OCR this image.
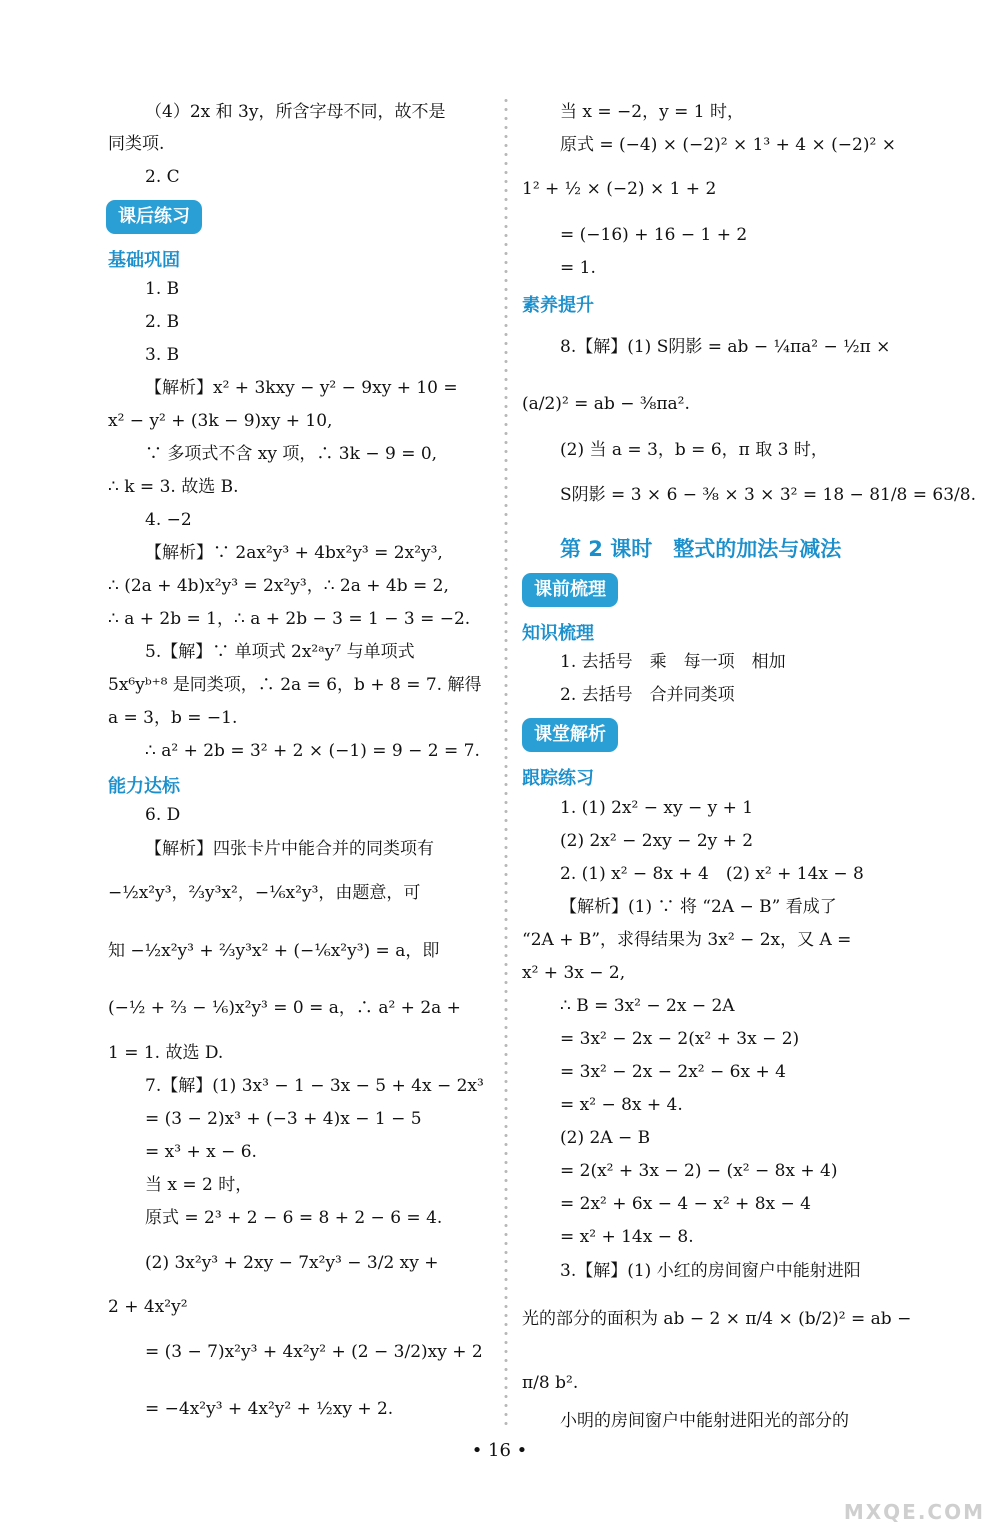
（4）2x 和 3y，所含字母不同，故不是
同类项.
2. C
课后练习
基础巩固
1. B
2. B
3. B
【解析】x² + 3kxy − y² − 9xy + 10 =
x² − y² + (3k − 9)xy + 10,
∵ 多项式不含 xy 项，∴ 3k − 9 = 0,
∴ k = 3. 故选 B.
4. −2
【解析】∵ 2ax²y³ + 4bx²y³ = 2x²y³,
∴ (2a + 4b)x²y³ = 2x²y³，∴ 2a + 4b = 2,
∴ a + 2b = 1，∴ a + 2b − 3 = 1 − 3 = −2.
5.【解】∵ 单项式 2x²ᵃy⁷ 与单项式
5x⁶yᵇ⁺⁸ 是同类项，∴ 2a = 6，b + 8 = 7. 解得
a = 3，b = −1.
∴ a² + 2b = 3² + 2 × (−1) = 9 − 2 = 7.
能力达标
6. D
【解析】四张卡片中能合并的同类项有
−½x²y³，⅔y³x²，−⅙x²y³，由题意，可
知 −½x²y³ + ⅔y³x² + (−⅙x²y³) = a，即
(−½ + ⅔ − ⅙)x²y³ = 0 = a，∴ a² + 2a +
1 = 1. 故选 D.
7.【解】(1) 3x³ − 1 − 3x − 5 + 4x − 2x³
= (3 − 2)x³ + (−3 + 4)x − 1 − 5
= x³ + x − 6.
当 x = 2 时，
原式 = 2³ + 2 − 6 = 8 + 2 − 6 = 4.
(2) 3x²y³ + 2xy − 7x²y³ − 3/2 xy +
2 + 4x²y²
= (3 − 7)x²y³ + 4x²y² + (2 − 3/2)xy + 2
= −4x²y³ + 4x²y² + ½xy + 2.
当 x = −2，y = 1 时，
原式 = (−4) × (−2)² × 1³ + 4 × (−2)² ×
1² + ½ × (−2) × 1 + 2
= (−16) + 16 − 1 + 2
= 1.
素养提升
8.【解】(1) S阴影 = ab − ¼πa² − ½π ×
(a/2)² = ab − ⅜πa².
(2) 当 a = 3，b = 6，π 取 3 时，
S阴影 = 3 × 6 − ⅜ × 3 × 3² = 18 − 81/8 = 63/8.
第 2 课时　整式的加法与减法
课前梳理
知识梳理
1. 去括号　乘　每一项　相加
2. 去括号　合并同类项
课堂解析
跟踪练习
1. (1) 2x² − xy − y + 1
(2) 2x² − 2xy − 2y + 2
2. (1) x² − 8x + 4　(2) x² + 14x − 8
【解析】(1) ∵ 将 “2A − B” 看成了
“2A + B”，求得结果为 3x² − 2x，又 A =
x² + 3x − 2,
∴ B = 3x² − 2x − 2A
= 3x² − 2x − 2(x² + 3x − 2)
= 3x² − 2x − 2x² − 6x + 4
= x² − 8x + 4.
(2) 2A − B
= 2(x² + 3x − 2) − (x² − 8x + 4)
= 2x² + 6x − 4 − x² + 8x − 4
= x² + 14x − 8.
3.【解】(1) 小红的房间窗户中能射进阳
光的部分的面积为 ab − 2 × π/4 × (b/2)² = ab −
π/8 b².
小明的房间窗户中能射进阳光的部分的
• 16 •
MXQE.COM
